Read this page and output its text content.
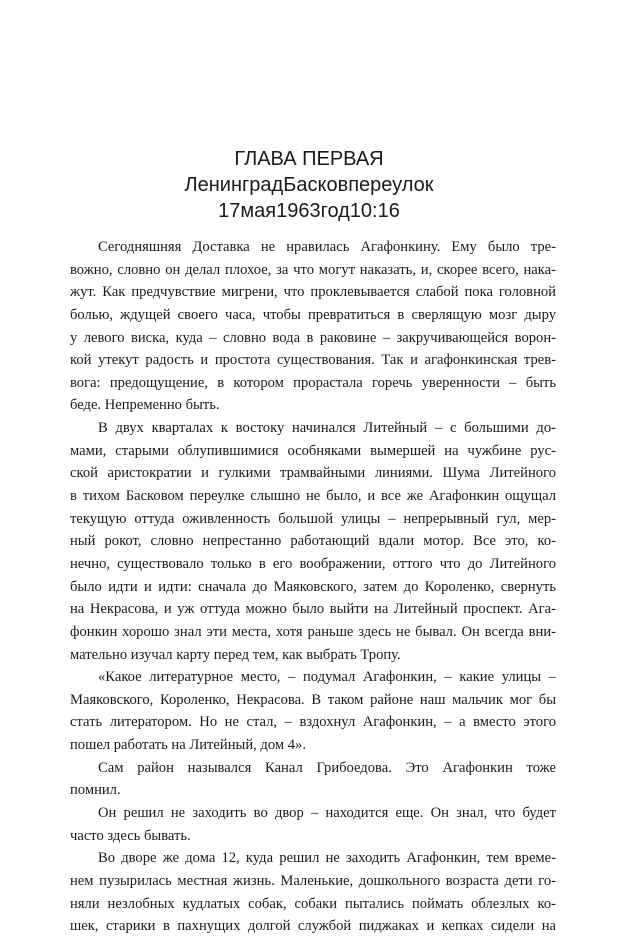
ГЛАВА ПЕРВАЯ
ЛенинградБасковпереулок
17мая1963год10:16
Сегодняшняя Доставка не нравилась Агафонкину. Ему было тре-
вожно, словно он делал плохое, за что могут наказать, и, скорее всего, нака-
жут. Как предчувствие мигрени, что проклевывается слабой пока головной
болью, ждущей своего часа, чтобы превратиться в сверлящую мозг дыру
у левого виска, куда – словно вода в раковине – закручивающейся ворон-
кой утекут радость и простота существования. Так и агафонкинская трев-
вога: предощущение, в котором прорастала горечь уверенности – быть
беде. Непременно быть.
В двух кварталах к востоку начинался Литейный – с большими до-
мами, старыми облупившимися особняками вымершей на чужбине рус-
ской аристократии и гулкими трамвайными линиями. Шума Литейного
в тихом Басковом переулке слышно не было, и все же Агафонкин ощущал
текущую оттуда оживленность большой улицы – непрерывный гул, мер-
ный рокот, словно непрестанно работающий вдали мотор. Все это, ко-
нечно, существовало только в его воображении, оттого что до Литейного
было идти и идти: сначала до Маяковского, затем до Короленко, свернуть
на Некрасова, и уж оттуда можно было выйти на Литейный проспект. Ага-
фонкин хорошо знал эти места, хотя раньше здесь не бывал. Он всегда вни-
мательно изучал карту перед тем, как выбрать Тропу.
«Какое литературное место, – подумал Агафонкин, – какие улицы –
Маяковского, Короленко, Некрасова. В таком районе наш мальчик мог бы
стать литератором. Но не стал, – вздохнул Агафонкин, – а вместо этого
пошел работать на Литейный, дом 4».
Сам район назывался Канал Грибоедова. Это Агафонкин тоже
помнил.
Он решил не заходить во двор – находится еще. Он знал, что будет
часто здесь бывать.
Во дворе же дома 12, куда решил не заходить Агафонкин, тем време-
нем пузырилась местная жизнь. Маленькие, дошкольного возраста дети го-
няли незлобных кудлатых собак, собаки пытались поймать облезлых ко-
шек, старики в пахнущих долгой службой пиджаках и кепках сидели на
